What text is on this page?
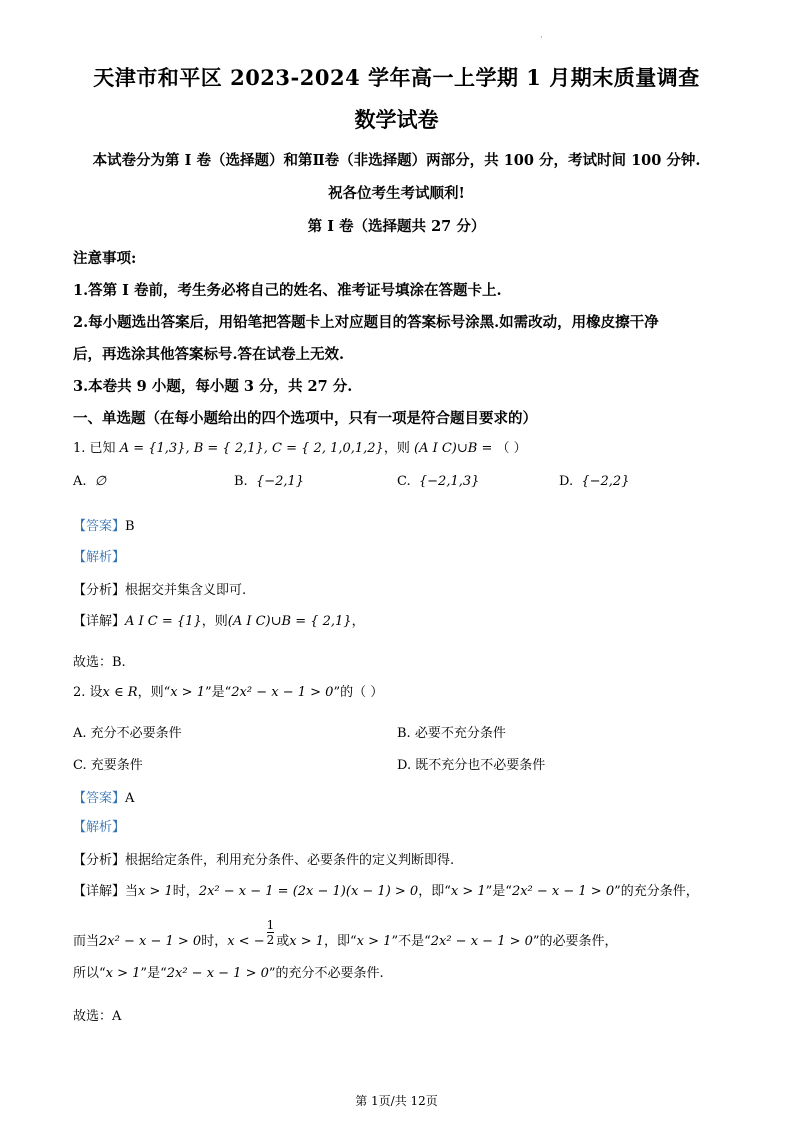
·
天津市和平区 2023-2024 学年高一上学期 1 月期末质量调查
数学试卷
本试卷分为第 I 卷（选择题）和第Ⅱ卷（非选择题）两部分，共 100 分，考试时间 100 分钟.
祝各位考生考试顺利!
第 I 卷（选择题共 27 分）
注意事项:
1.答第 I 卷前，考生务必将自己的姓名、准考证号填涂在答题卡上.
2.每小题选出答案后，用铅笔把答题卡上对应题目的答案标号涂黑.如需改动，用橡皮擦干净
后，再选涂其他答案标号.答在试卷上无效.
3.本卷共 9 小题，每小题 3 分，共 27 分.
一、单选题（在每小题给出的四个选项中，只有一项是符合题目要求的）
1. 已知 A = {1,3}, B = { 2,1}, C = { 2, 1,0,1,2}，则 (A I C)∪B = （ ）
A. ∅	B. {−2,1}	C. {−2,1,3}	D. {−2,2}
【答案】B
【解析】
【分析】根据交并集含义即可.
【详解】A I C = {1}，则(A I C)∪B = { 2,1}，
故选：B.
2. 设x ∈ R，则“x > 1”是“2x² − x − 1 > 0”的（ ）
A. 充分不必要条件	B. 必要不充分条件
C. 充要条件	D. 既不充分也不必要条件
【答案】A
【解析】
【分析】根据给定条件，利用充分条件、必要条件的定义判断即得.
【详解】当x > 1时，2x² − x − 1 = (2x − 1)(x − 1) > 0，即“x > 1”是“2x² − x − 1 > 0”的充分条件，
而当2x² − x − 1 > 0时，x < − $\frac{1}{2}$ 或x > 1，即“x > 1”不是“2x² − x − 1 > 0”的必要条件，
所以“x > 1”是“2x² − x − 1 > 0”的充分不必要条件.
故选：A
第 1页/共 12页
